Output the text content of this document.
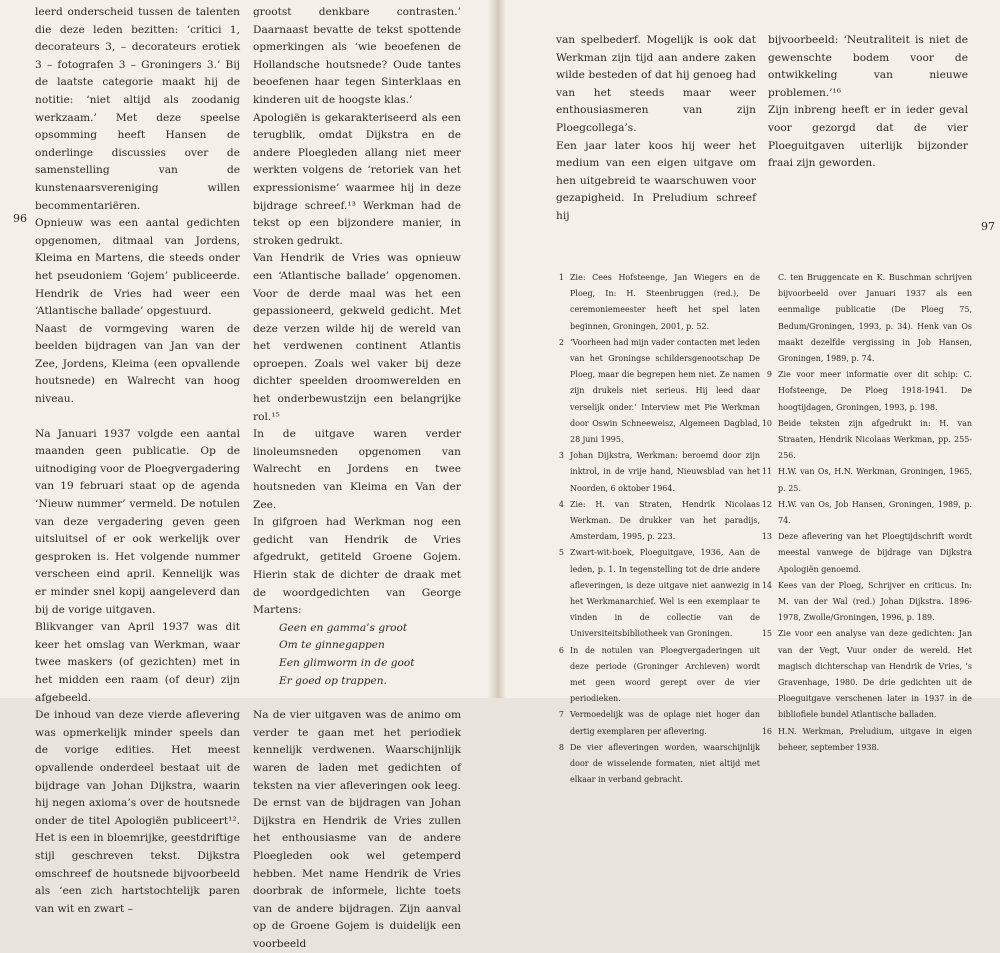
leerd onderscheid tussen de talenten die deze leden bezitten: ‘critici 1, decorateurs 3, – decorateurs erotiek 3 – fotografen 3 – Groningers 3.’ Bij de laatste categorie maakt hij de notitie: ‘niet altijd als zoodanig werkzaam.’ Met deze speelse opsomming heeft Hansen de onderlinge discussies over de samenstelling van de kunstenaarsvereniging willen becommentariëren.

Opnieuw was een aantal gedichten opgenomen, ditmaal van Jordens, Kleima en Martens, die steeds onder het pseudoniem ‘Gojem’ publiceerde. Hendrik de Vries had weer een ‘Atlantische ballade’ opgestuurd.

Naast de vormgeving waren de beelden bijdragen van Jan van der Zee, Jordens, Kleima (een opvallende houtsnede) en Walrecht van hoog niveau.

Na Januari 1937 volgde een aantal maanden geen publicatie. Op de uitnodiging voor de Ploegvergadering van 19 februari staat op de agenda ‘Nieuw nummer’ vermeld. De notulen van deze vergadering geven geen uitsluitsel of er ook werkelijk over gesproken is. Het volgende nummer verscheen eind april. Kennelijk was er minder snel kopij aangeleverd dan bij de vorige uitgaven.

Blikvanger van April 1937 was dit keer het omslag van Werkman, waar twee maskers (of gezichten) met in het midden een raam (of deur) zijn afgebeeld.

De inhoud van deze vierde aflevering was opmerkelijk minder speels dan de vorige edities. Het meest opvallende onderdeel bestaat uit de bijdrage van Johan Dijkstra, waarin hij negen axioma’s over de houtsnede onder de titel Apologiën publiceert¹². Het is een in bloemrijke, geestdriftige stijl geschreven tekst. Dijkstra omschreef de houtsnede bijvoorbeeld als ‘een zich hartstochtelijk paren van wit en zwart –

96

grootst denkbare contrasten.’ Daarnaast bevatte de tekst spottende opmerkingen als ‘wie beoefenen de Hollandsche houtsnede? Oude tantes beoefenen haar tegen Sinterklaas en kinderen uit de hoogste klas.’

Apologiën is gekarakteriseerd als een terugblik, omdat Dijkstra en de andere Ploegleden allang niet meer werkten volgens de ‘retoriek van het expressionisme’ waarmee hij in deze bijdrage schreef.¹³ Werkman had de tekst op een bijzondere manier, in stroken gedrukt.

Van Hendrik de Vries was opnieuw een ‘Atlantische ballade’ opgenomen. Voor de derde maal was het een gepassioneerd, gekweld gedicht. Met deze verzen wilde hij de wereld van het verdwenen continent Atlantis oproepen. Zoals wel vaker bij deze dichter speelden droomwerelden en het onderbewustzijn een belangrijke rol.¹⁵

In de uitgave waren verder linoleumsneden opgenomen van Walrecht en Jordens en twee houtsneden van Kleima en Van der Zee.

In gifgroen had Werkman nog een gedicht van Hendrik de Vries afgedrukt, getiteld Groene Gojem. Hierin stak de dichter de draak met de woordgedichten van George Martens:

Geen en gamma’s groot

Om te ginnegappen

Een glimworm in de goot

Er goed op trappen.

Na de vier uitgaven was de animo om verder te gaan met het periodiek kennelijk verdwenen. Waarschijnlijk waren de laden met gedichten of teksten na vier afleveringen ook leeg. De ernst van de bijdragen van Johan Dijkstra en Hendrik de Vries zullen het enthousiasme van de andere Ploegleden ook wel getemperd hebben. Met name Hendrik de Vries doorbrak de informele, lichte toets van de andere bijdragen. Zijn aanval op de Groene Gojem is duidelijk een voorbeeld

van spelbederf. Mogelijk is ook dat Werkman zijn tijd aan andere zaken wilde besteden of dat hij genoeg had van het steeds maar weer enthousiasmeren van zijn Ploegcollega’s.

Een jaar later koos hij weer het medium van een eigen uitgave om hen uitgebreid te waarschuwen voor gezapigheid. In Preludium schreef hij

bijvoorbeeld: ‘Neutraliteit is niet de gewenschte bodem voor de ontwikkeling van nieuwe problemen.’¹⁶

Zijn inbreng heeft er in ieder geval voor gezorgd dat de vier Ploeguitgaven uiterlijk bijzonder fraai zijn geworden.

97
1 Zie: Cees Hofsteenge, Jan Wiegers en de Ploeg, In: H. Steenbruggen (red.), De ceremoniemeester heeft het spel laten beginnen, Groningen, 2001, p. 52.
2 ‘Voorheen had mijn vader contacten met leden van het Groningse schildersgenootschap De Ploeg, maar die begrepen hem niet. Ze namen zijn drukels niet serieus. Hij leed daar verselijk onder.’ Interview met Pie Werkman door Oswin Schneeweisz, Algemeen Dagblad, 28 juni 1995.
3 Johan Dijkstra, Werkman: beroemd door zijn inktrol, in de vrije hand, Nieuwsblad van het Noorden, 6 oktober 1964.
4 Zie: H. van Straten, Hendrik Nicolaas Werkman. De drukker van het paradijs, Amsterdam, 1995, p. 223.
5 Zwart-wit-boek, Ploeguitgave, 1936, Aan de leden, p. 1. In tegenstelling tot de drie andere afleveringen, is deze uitgave niet aanwezig in het Werkmanarchief. Wel is een exemplaar te vinden in de collectie van de Universiteitsbibliotheek van Groningen.
6 In de notulen van Ploegvergaderingen uit deze periode (Groninger Archieven) wordt met geen woord gerept over de vier periodieken.
7 Vermoedelijk was de oplage niet hoger dan dertig exemplaren per aflevering.
8 De vier afleveringen worden, waarschijnlijk door de wisselende formaten, niet altijd met elkaar in verband gebracht.
C. ten Bruggencate en K. Buschman schrijven bijvoorbeeld over Januari 1937 als een eenmalige publicatie (De Ploeg 75, Bedum/Groningen, 1993, p. 34). Henk van Os maakt dezelfde vergissing in Job Hansen, Groningen, 1989, p. 74.
9 Zie voor meer informatie over dit schip: C. Hofsteenge, De Ploeg 1918-1941. De hoogtijdagen, Groningen, 1993, p. 198.
10 Beide teksten zijn afgedrukt in: H. van Straaten, Hendrik Nicolaas Werkman, pp. 255-256.
11 H.W. van Os, H.N. Werkman, Groningen, 1965, p. 25.
12 H.W. van Os, Job Hansen, Groningen, 1989, p. 74.
13 Deze aflevering van het Ploegtijdschrift wordt meestal vanwege de bijdrage van Dijkstra Apologiën genoemd.
14 Kees van der Ploeg, Schrijver en criticus. In: M. van der Wal (red.) Johan Dijkstra. 1896-1978, Zwolle/Groningen, 1996, p. 189.
15 Zie voor een analyse van deze gedichten: Jan van der Vegt, Vuur onder de wereld. Het magisch dichterschap van Hendrik de Vries, ’s Gravenhage, 1980. De drie gedichten uit de Ploeguitgave verschenen later in 1937 in de bibliofiele bundel Atlantische balladen.
16 H.N. Werkman, Preludium, uitgave in eigen beheer, september 1938.
